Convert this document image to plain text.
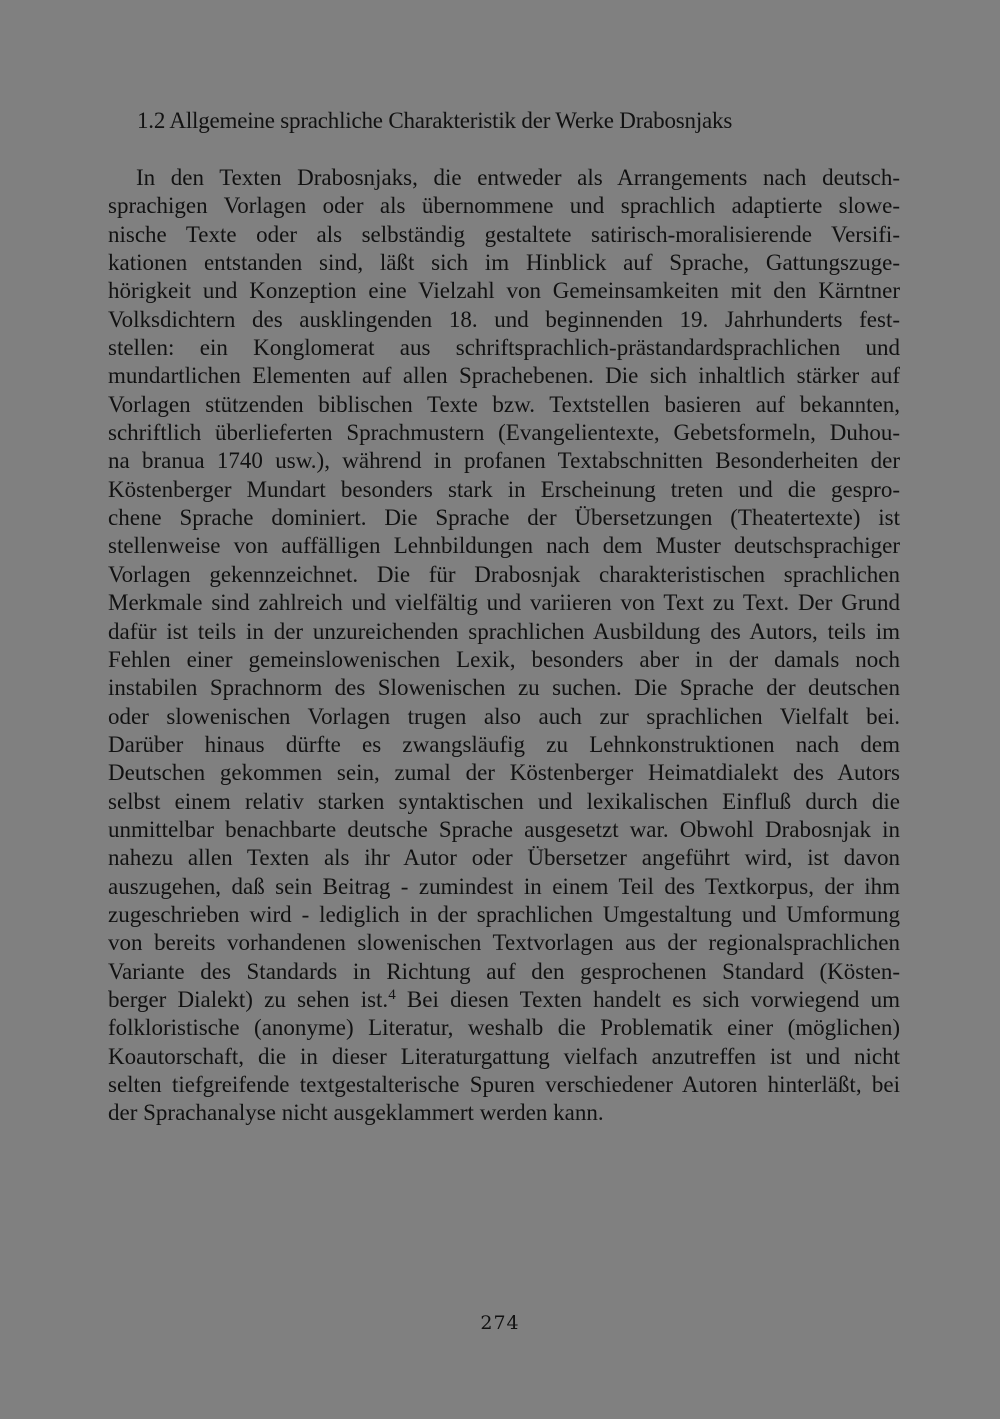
1.2 Allgemeine sprachliche Charakteristik der Werke Drabosnjaks
In den Texten Drabosnjaks, die entweder als Arrangements nach deutsch-
sprachigen Vorlagen oder als übernommene und sprachlich adaptierte slowe-
nische Texte oder als selbständig gestaltete satirisch-moralisierende Versifi-
kationen entstanden sind, läßt sich im Hinblick auf Sprache, Gattungszuge-
hörigkeit und Konzeption eine Vielzahl von Gemeinsamkeiten mit den Kärntner
Volksdichtern des ausklingenden 18. und beginnenden 19. Jahrhunderts fest-
stellen: ein Konglomerat aus schriftsprachlich-prästandardsprachlichen und
mundartlichen Elementen auf allen Sprachebenen. Die sich inhaltlich stärker auf
Vorlagen stützenden biblischen Texte bzw. Textstellen basieren auf bekannten,
schriftlich überlieferten Sprachmustern (Evangelientexte, Gebetsformeln, Duhou-
na branua 1740 usw.), während in profanen Textabschnitten Besonderheiten der
Köstenberger Mundart besonders stark in Erscheinung treten und die gespro-
chene Sprache dominiert. Die Sprache der Übersetzungen (Theatertexte) ist
stellenweise von auffälligen Lehnbildungen nach dem Muster deutschsprachiger
Vorlagen gekennzeichnet. Die für Drabosnjak charakteristischen sprachlichen
Merkmale sind zahlreich und vielfältig und variieren von Text zu Text. Der Grund
dafür ist teils in der unzureichenden sprachlichen Ausbildung des Autors, teils im
Fehlen einer gemeinslowenischen Lexik, besonders aber in der damals noch
instabilen Sprachnorm des Slowenischen zu suchen. Die Sprache der deutschen
oder slowenischen Vorlagen trugen also auch zur sprachlichen Vielfalt bei.
Darüber hinaus dürfte es zwangsläufig zu Lehnkonstruktionen nach dem
Deutschen gekommen sein, zumal der Köstenberger Heimatdialekt des Autors
selbst einem relativ starken syntaktischen und lexikalischen Einfluß durch die
unmittelbar benachbarte deutsche Sprache ausgesetzt war. Obwohl Drabosnjak in
nahezu allen Texten als ihr Autor oder Übersetzer angeführt wird, ist davon
auszugehen, daß sein Beitrag - zumindest in einem Teil des Textkorpus, der ihm
zugeschrieben wird - lediglich in der sprachlichen Umgestaltung und Umformung
von bereits vorhandenen slowenischen Textvorlagen aus der regionalsprachlichen
Variante des Standards in Richtung auf den gesprochenen Standard (Kösten-
berger Dialekt) zu sehen ist.$^4$ Bei diesen Texten handelt es sich vorwiegend um
folkloristische (anonyme) Literatur, weshalb die Problematik einer (möglichen)
Koautorschaft, die in dieser Literaturgattung vielfach anzutreffen ist und nicht
selten tiefgreifende textgestalterische Spuren verschiedener Autoren hinterläßt, bei
der Sprachanalyse nicht ausgeklammert werden kann.
274
